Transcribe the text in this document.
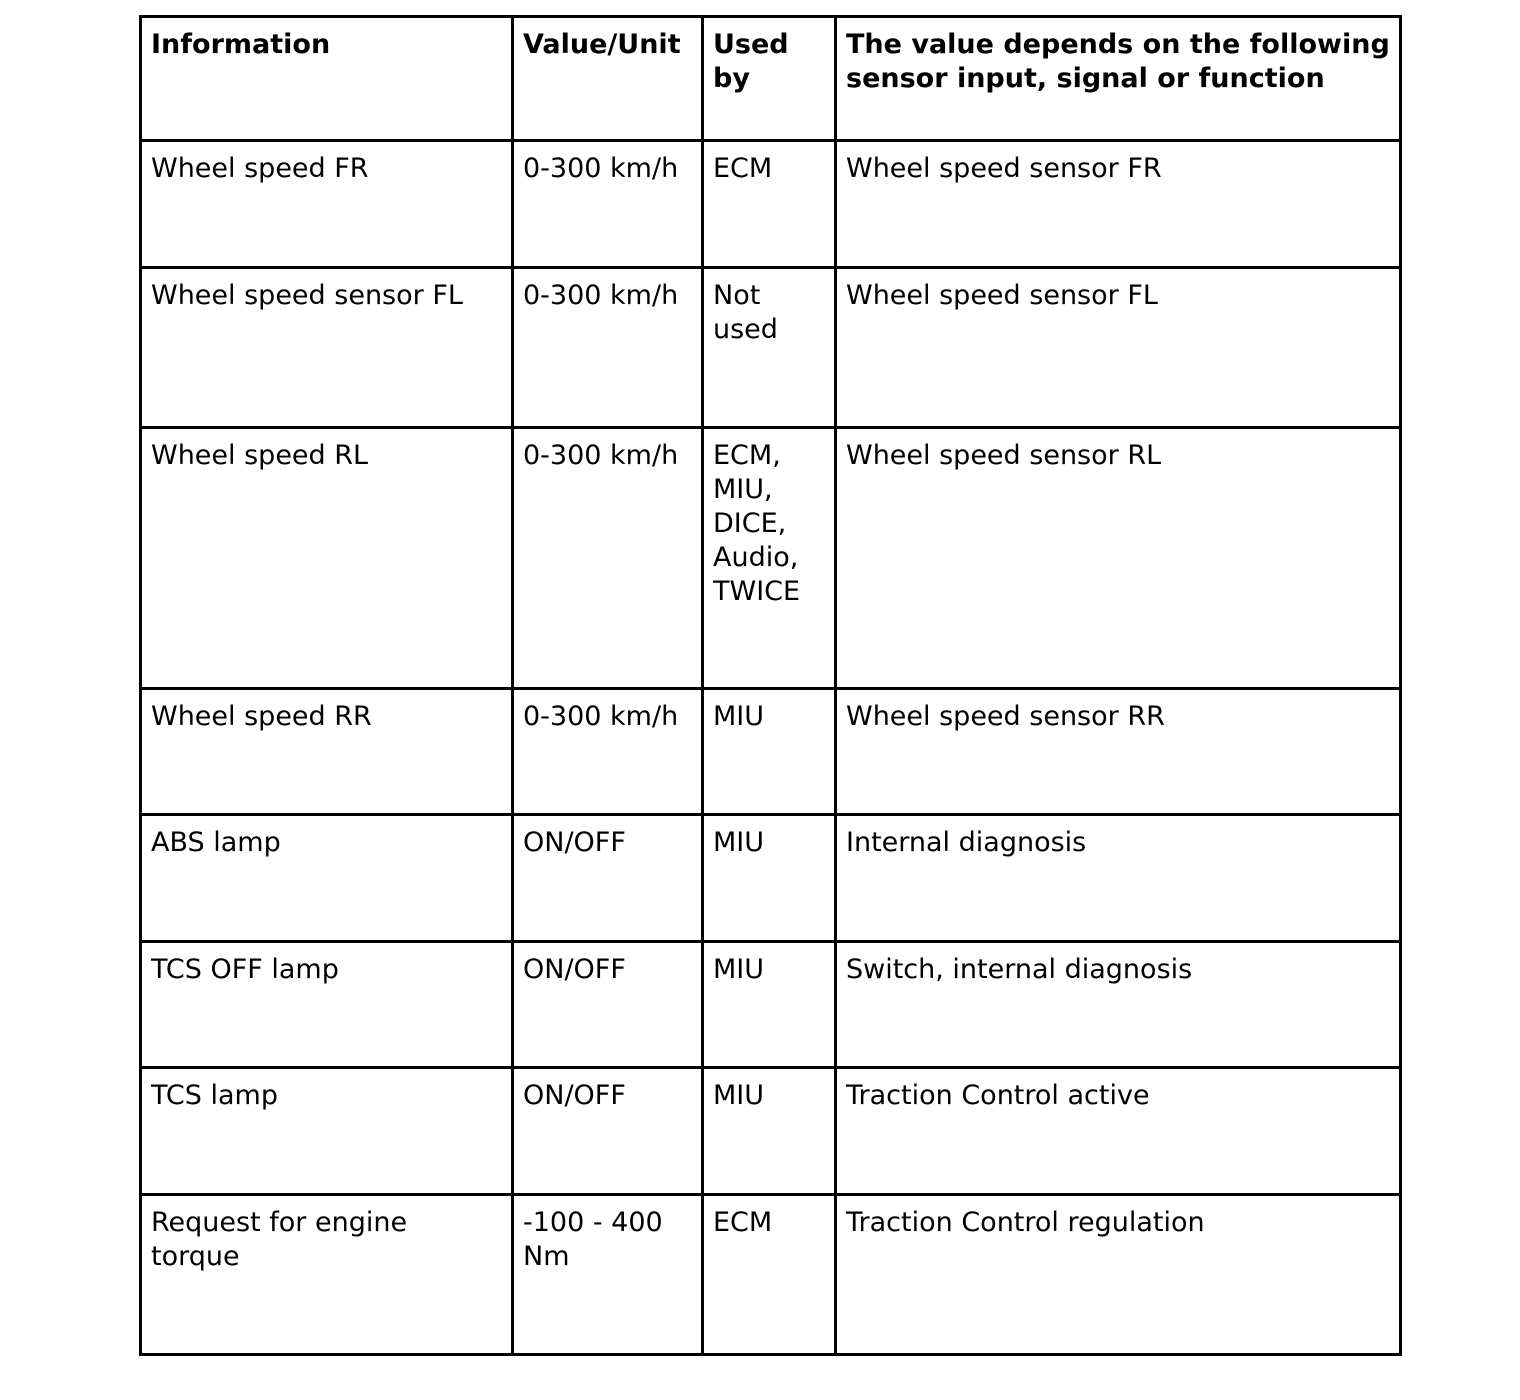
Information	Value/Unit	Used by	The value depends on the following sensor input, signal or function
Wheel speed FR	0-300 km/h	ECM	Wheel speed sensor FR
Wheel speed sensor FL	0-300 km/h	Not used	Wheel speed sensor FL
Wheel speed RL	0-300 km/h	ECM, MIU, DICE, Audio, TWICE	Wheel speed sensor RL
Wheel speed RR	0-300 km/h	MIU	Wheel speed sensor RR
ABS lamp	ON/OFF	MIU	Internal diagnosis
TCS OFF lamp	ON/OFF	MIU	Switch, internal diagnosis
TCS lamp	ON/OFF	MIU	Traction Control active
Request for engine torque	-100 - 400 Nm	ECM	Traction Control regulation
